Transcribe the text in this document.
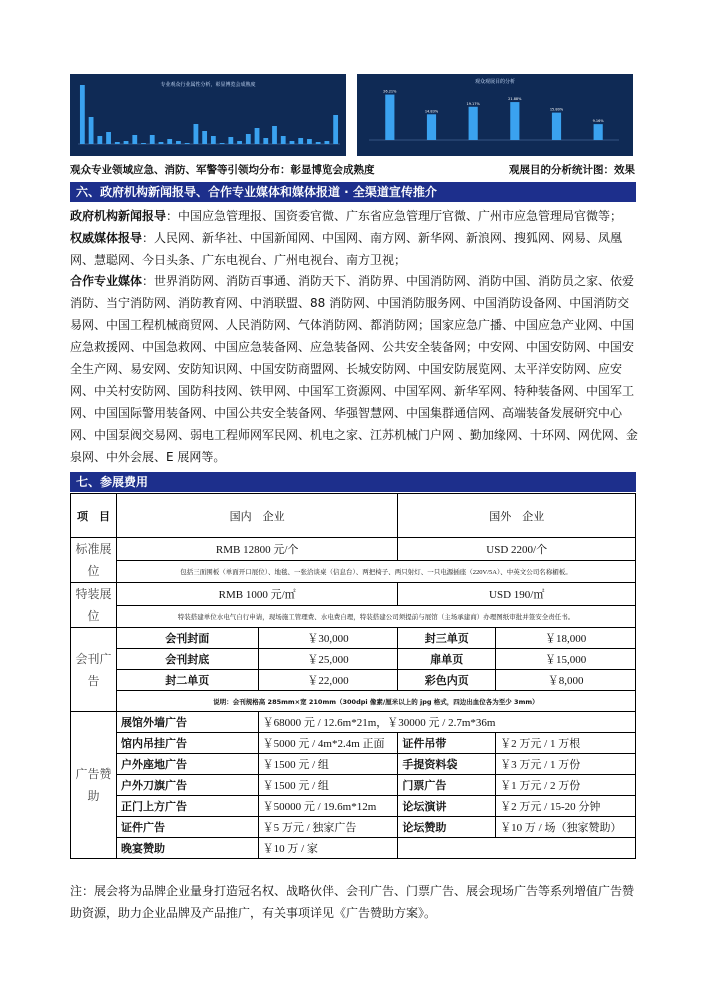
专业观众行业属性分析，彰显博览会成熟度	观众观展目的分析
26.21%
14.83%
19.17%
21.88%
15.80%
9.16%
观众专业领域应急、消防、军警等引领均分布：彰显博览会成熟度	观展目的分析统计图：效果
六、政府机构新闻报导、合作专业媒体和媒体报道 · 全渠道宣传推介
政府机构新闻报导：中国应急管理报、国资委官微、广东省应急管理厅官微、广州市应急管理局官微等；
权威媒体报导：人民网、新华社、中国新闻网、中国网、南方网、新华网、新浪网、搜狐网、网易、凤凰网、慧聪网、今日头条、广东电视台、广州电视台、南方卫视；
合作专业媒体：世界消防网、消防百事通、消防天下、消防界、中国消防网、消防中国、消防员之家、依爱消防、当宁消防网、消防教育网、中消联盟、88 消防网、中国消防服务网、中国消防设备网、中国消防交易网、中国工程机械商贸网、人民消防网、气体消防网、都消防网；国家应急广播、中国应急产业网、中国应急救援网、中国急救网、中国应急装备网、应急装备网、公共安全装备网；中安网、中国安防网、中国安全生产网、易安网、安防知识网、中国安防商盟网、长城安防网、中国安防展览网、太平洋安防网、应安网、中关村安防网、国防科技网、铁甲网、中国军工资源网、中国军网、新华军网、特种装备网、中国军工网、中国国际警用装备网、中国公共安全装备网、华强智慧网、中国集群通信网、高端装备发展研究中心网、中国泵阀交易网、弱电工程师网军民网、机电之家、江苏机械门户网 、勤加缘网、十环网、网优网、金泉网、中外会展、E 展网等。
七、参展费用
项　目	国内　企业		国外　企业	
标准展位	RMB 12800 元/个		USD 2200/个	
	包括三面围板（单面开口展位）、地毯、一张洽谈桌（信息台）、两把椅子、两只射灯、一只电源插座（220V/5A）、中英文公司名称楣板。			
特装展位	RMB 1000 元/㎡		USD 190/㎡	
	特装搭建单位水电气自行申请，现场施工管理费、水电费自理，特装搭建公司须提前与展馆（主场承建商）办理图纸审批并签安全责任书。			
会刊广告	会刊封面	￥30,000	封三单页	￥18,000
	会刊封底	￥25,000	扉单页	￥15,000
	封二单页	￥22,000	彩色内页	￥8,000
	说明：会刊规格高 285mm×宽 210mm（300dpi 像素/厘米以上的 jpg 格式，四边出血位各为至少 3mm）			
广告赞助	展馆外墙广告	￥68000 元 / 12.6m*21m，￥30000 元 / 2.7m*36m		
	馆内吊挂广告	￥5000 元 / 4m*2.4m 正面	证件吊带	￥2 万元 / 1 万根
	户外座地广告	￥1500 元 / 组	手提资料袋	￥3 万元 / 1 万份
	户外刀旗广告	￥1500 元 / 组	门票广告	￥1 万元 / 2 万份
	正门上方广告	￥50000 元 / 19.6m*12m	论坛演讲	￥2 万元 / 15-20 分钟
	证件广告	￥5 万元 / 独家广告	论坛赞助	￥10 万 / 场（独家赞助）
	晚宴赞助	￥10 万 / 家		
注：展会将为品牌企业量身打造冠名权、战略伙伴、会刊广告、门票广告、展会现场广告等系列增值广告赞助资源，助力企业品牌及产品推广，有关事项详见《广告赞助方案》。
